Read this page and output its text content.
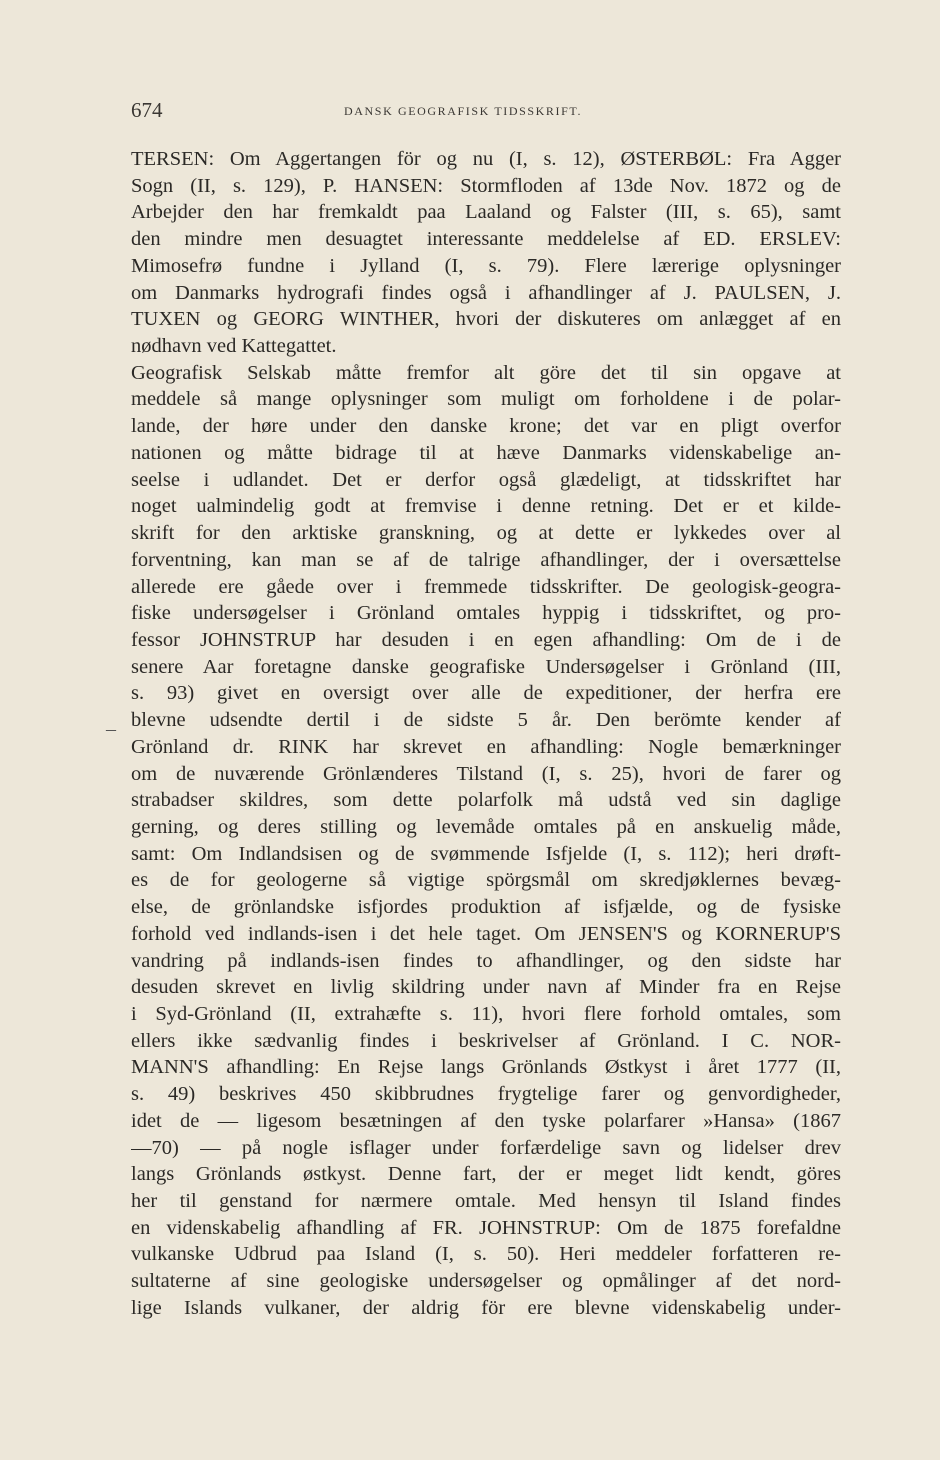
674	DANSK GEOGRAFISK TIDSSKRIFT.
–
TERSEN: Om Aggertangen för og nu (I, s. 12), ØSTERBØL: Fra Agger
Sogn (II, s. 129), P. HANSEN: Stormfloden af 13de Nov. 1872 og de
Arbejder den har fremkaldt paa Laaland og Falster (III, s. 65), samt
den mindre men desuagtet interessante meddelelse af ED. ERSLEV:
Mimosefrø fundne i Jylland (I, s. 79). Flere lærerige oplysninger
om Danmarks hydrografi findes også i afhandlinger af J. PAULSEN, J.
TUXEN og GEORG WINTHER, hvori der diskuteres om anlægget af en
nødhavn ved Kattegattet.
Geografisk Selskab måtte fremfor alt göre det til sin opgave at
meddele så mange oplysninger som muligt om forholdene i de polar-
lande, der høre under den danske krone; det var en pligt overfor
nationen og måtte bidrage til at hæve Danmarks videnskabelige an-
seelse i udlandet. Det er derfor også glædeligt, at tidsskriftet har
noget ualmindelig godt at fremvise i denne retning. Det er et kilde-
skrift for den arktiske granskning, og at dette er lykkedes over al
forventning, kan man se af de talrige afhandlinger, der i oversættelse
allerede ere gåede over i fremmede tidsskrifter. De geologisk-geogra-
fiske undersøgelser i Grönland omtales hyppig i tidsskriftet, og pro-
fessor JOHNSTRUP har desuden i en egen afhandling: Om de i de
senere Aar foretagne danske geografiske Undersøgelser i Grönland (III,
s. 93) givet en oversigt over alle de expeditioner, der herfra ere
blevne udsendte dertil i de sidste 5 år. Den berömte kender af
Grönland dr. RINK har skrevet en afhandling: Nogle bemærkninger
om de nuværende Grönlænderes Tilstand (I, s. 25), hvori de farer og
strabadser skildres, som dette polarfolk må udstå ved sin daglige
gerning, og deres stilling og levemåde omtales på en anskuelig måde,
samt: Om Indlandsisen og de svømmende Isfjelde (I, s. 112); heri drøft-
es de for geologerne så vigtige spörgsmål om skredjøklernes bevæg-
else, de grönlandske isfjordes produktion af isfjælde, og de fysiske
forhold ved indlands-isen i det hele taget. Om JENSEN'S og KORNERUP'S
vandring på indlands-isen findes to afhandlinger, og den sidste har
desuden skrevet en livlig skildring under navn af Minder fra en Rejse
i Syd-Grönland (II, extrahæfte s. 11), hvori flere forhold omtales, som
ellers ikke sædvanlig findes i beskrivelser af Grönland. I C. NOR-
MANN'S afhandling: En Rejse langs Grönlands Østkyst i året 1777 (II,
s. 49) beskrives 450 skibbrudnes frygtelige farer og genvordigheder,
idet de — ligesom besætningen af den tyske polarfarer »Hansa» (1867
—70) — på nogle isflager under forfærdelige savn og lidelser drev
langs Grönlands østkyst. Denne fart, der er meget lidt kendt, göres
her til genstand for nærmere omtale. Med hensyn til Island findes
en videnskabelig afhandling af FR. JOHNSTRUP: Om de 1875 forefaldne
vulkanske Udbrud paa Island (I, s. 50). Heri meddeler forfatteren re-
sultaterne af sine geologiske undersøgelser og opmålinger af det nord-
lige Islands vulkaner, der aldrig för ere blevne videnskabelig under-
